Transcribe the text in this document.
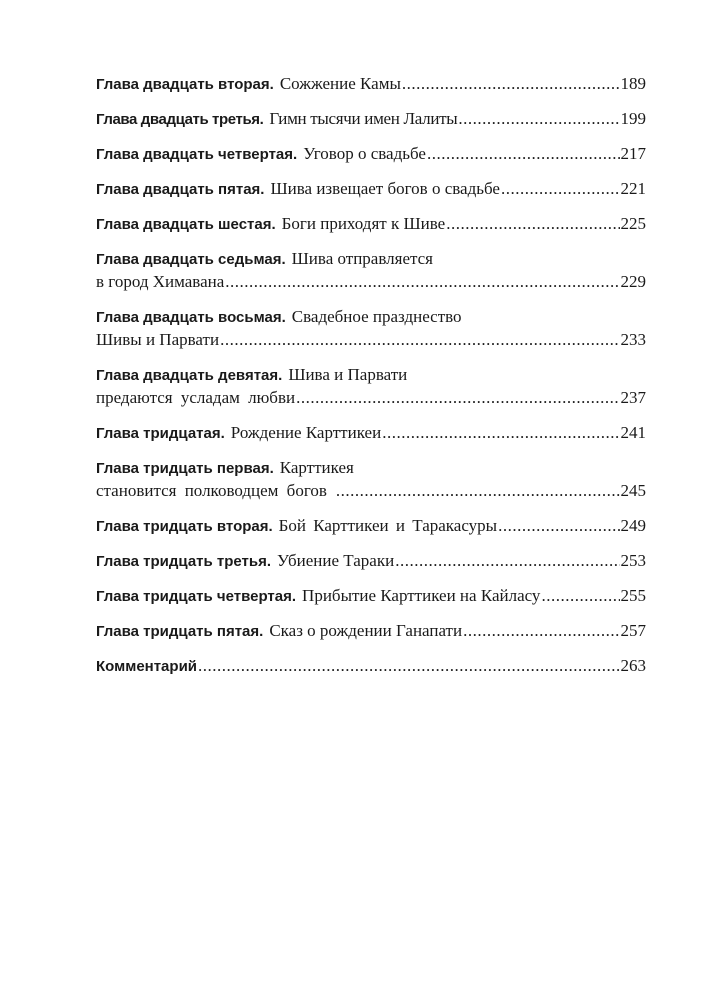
Глава двадцать вторая. Сожжение Камы .....	189
Глава двадцать третья. Гимн тысячи имен Лалиты .....	199
Глава двадцать четвертая. Уговор о свадьбе .....	217
Глава двадцать пятая. Шива извещает богов о свадьбе .....	221
Глава двадцать шестая. Боги приходят к Шиве .....	225
Глава двадцать седьмая. Шива отправляется
в город Химавана .....	229
Глава двадцать восьмая. Свадебное празднество
Шивы и Парвати .....	233
Глава двадцать девятая. Шива и Парвати
предаются усладам любви .....	237
Глава тридцатая. Рождение Карттикеи .....	241
Глава тридцать первая. Карттикея
становится полководцем богов .....	245
Глава тридцать вторая. Бой Карттикеи и Таракасуры .....	249
Глава тридцать третья. Убиение Тараки .....	253
Глава тридцать четвертая. Прибытие Карттикеи на Кайласу .....	255
Глава тридцать пятая. Сказ о рождении Ганапати .....	257
Комментарий .....	263
